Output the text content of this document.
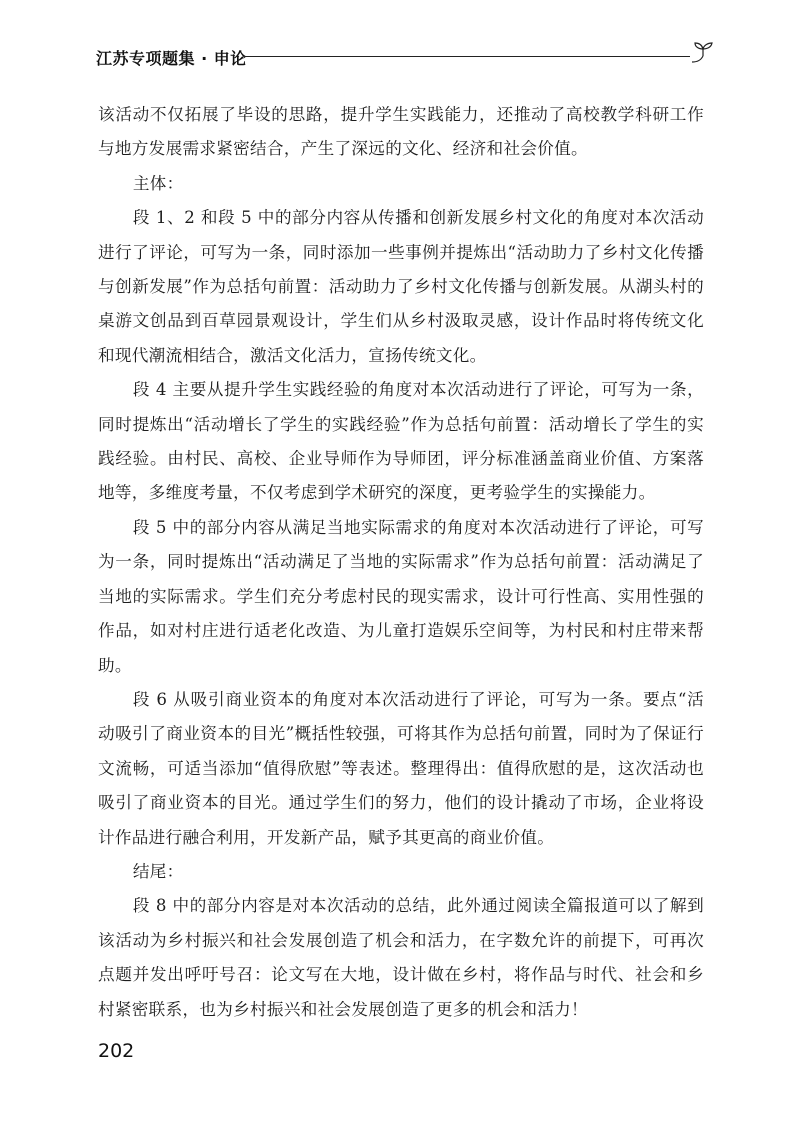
江苏专项题集 · 申论

该活动不仅拓展了毕设的思路，提升学生实践能力，还推动了高校教学科研工作与地方发展需求紧密结合，产生了深远的文化、经济和社会价值。

主体：

段 1、2 和段 5 中的部分内容从传播和创新发展乡村文化的角度对本次活动进行了评论，可写为一条，同时添加一些事例并提炼出“活动助力了乡村文化传播与创新发展”作为总括句前置：活动助力了乡村文化传播与创新发展。从湖头村的桌游文创品到百草园景观设计，学生们从乡村汲取灵感，设计作品时将传统文化和现代潮流相结合，激活文化活力，宣扬传统文化。

段 4 主要从提升学生实践经验的角度对本次活动进行了评论，可写为一条，同时提炼出“活动增长了学生的实践经验”作为总括句前置：活动增长了学生的实践经验。由村民、高校、企业导师作为导师团，评分标准涵盖商业价值、方案落地等，多维度考量，不仅考虑到学术研究的深度，更考验学生的实操能力。

段 5 中的部分内容从满足当地实际需求的角度对本次活动进行了评论，可写为一条，同时提炼出“活动满足了当地的实际需求”作为总括句前置：活动满足了当地的实际需求。学生们充分考虑村民的现实需求，设计可行性高、实用性强的作品，如对村庄进行适老化改造、为儿童打造娱乐空间等，为村民和村庄带来帮助。

段 6 从吸引商业资本的角度对本次活动进行了评论，可写为一条。要点“活动吸引了商业资本的目光”概括性较强，可将其作为总括句前置，同时为了保证行文流畅，可适当添加“值得欣慰”等表述。整理得出：值得欣慰的是，这次活动也吸引了商业资本的目光。通过学生们的努力，他们的设计撬动了市场，企业将设计作品进行融合利用，开发新产品，赋予其更高的商业价值。

结尾：

段 8 中的部分内容是对本次活动的总结，此外通过阅读全篇报道可以了解到该活动为乡村振兴和社会发展创造了机会和活力，在字数允许的前提下，可再次点题并发出呼吁号召：论文写在大地，设计做在乡村，将作品与时代、社会和乡村紧密联系，也为乡村振兴和社会发展创造了更多的机会和活力！

202
